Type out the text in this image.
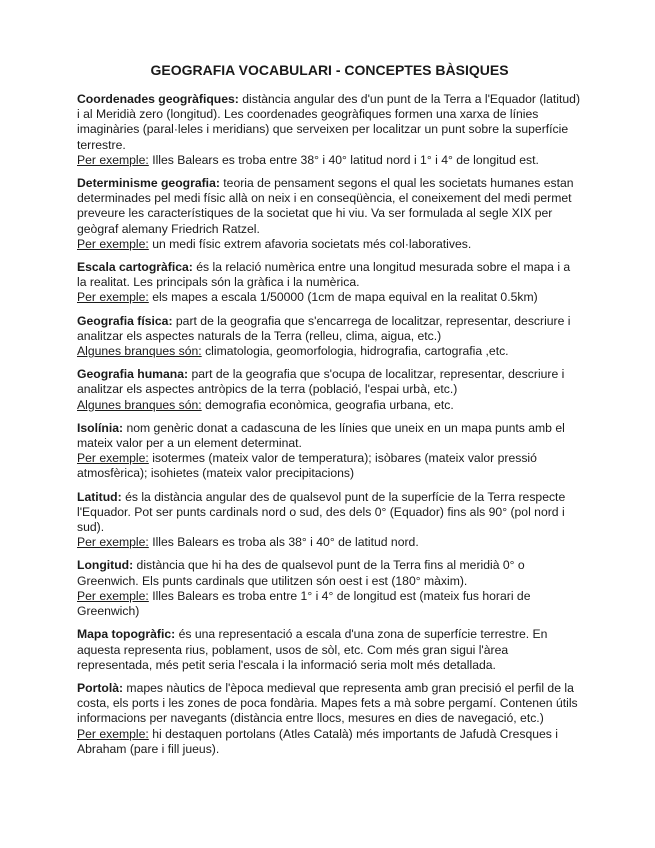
GEOGRAFIA VOCABULARI - CONCEPTES BÀSIQUES

Coordenades geogràfiques: distància angular des d'un punt de la Terra a l'Equador (latitud) i al Meridià zero (longitud). Les coordenades geogràfiques formen una xarxa de línies imaginàries (paral·leles i meridians) que serveixen per localitzar un punt sobre la superfície terrestre.

Per exemple: Illes Balears es troba entre 38° i 40° latitud nord i 1° i 4° de longitud est.

Determinisme geografia: teoria de pensament segons el qual les societats humanes estan determinades pel medi físic allà on neix i en conseqüència, el coneixement del medi permet preveure les característiques de la societat que hi viu. Va ser formulada al segle XIX per geògraf alemany Friedrich Ratzel.

Per exemple: un medi físic extrem afavoria societats més col·laboratives.

Escala cartogràfica: és la relació numèrica entre una longitud mesurada sobre el mapa i a la realitat. Les principals són la gràfica i la numèrica.

Per exemple: els mapes a escala 1/50000 (1cm de mapa equival en la realitat 0.5km)

Geografia física: part de la geografia que s'encarrega de localitzar, representar, descriure i analitzar els aspectes naturals de la Terra (relleu, clima, aigua, etc.)

Algunes branques són: climatologia, geomorfologia, hidrografia, cartografia ,etc.

Geografia humana: part de la geografia que s'ocupa de localitzar, representar, descriure i analitzar els aspectes antròpics de la terra (població, l'espai urbà, etc.)

Algunes branques són: demografia econòmica, geografia urbana, etc.

Isolínia: nom genèric donat a cadascuna de les línies que uneix en un mapa punts amb el mateix valor per a un element determinat.

Per exemple: isotermes (mateix valor de temperatura); isòbares (mateix valor pressió atmosfèrica); isohietes (mateix valor precipitacions)

Latitud: és la distància angular des de qualsevol punt de la superfície de la Terra respecte l'Equador. Pot ser punts cardinals nord o sud, des dels 0° (Equador) fins als 90° (pol nord i sud).

Per exemple: Illes Balears es troba als 38° i 40° de latitud nord.

Longitud: distància que hi ha des de qualsevol punt de la Terra fins al meridià 0° o Greenwich. Els punts cardinals que utilitzen són oest i est (180° màxim).

Per exemple: Illes Balears es troba entre 1° i 4° de longitud est (mateix fus horari de Greenwich)

Mapa topogràfic: és una representació a escala d'una zona de superfície terrestre. En aquesta representa rius, poblament, usos de sòl, etc. Com més gran sigui l'àrea representada, més petit seria l'escala i la informació seria molt més detallada.

Portolà: mapes nàutics de l'època medieval que representa amb gran precisió el perfil de la costa, els ports i les zones de poca fondària. Mapes fets a mà sobre pergamí. Contenen útils informacions per navegants (distància entre llocs, mesures en dies de navegació, etc.)

Per exemple: hi destaquen portolans (Atles Català) més importants de Jafudà Cresques i Abraham (pare i fill jueus).
